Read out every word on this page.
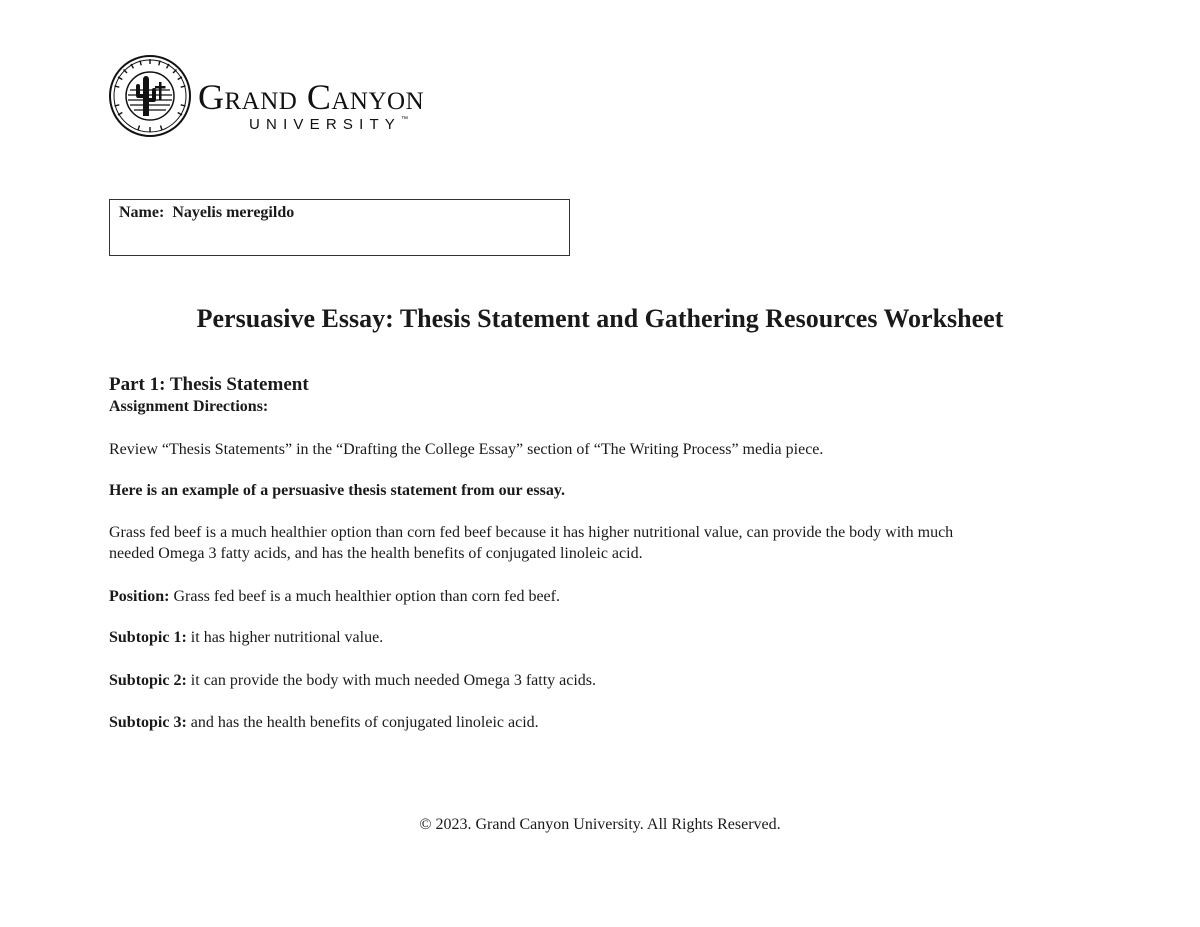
Grand Canyon
UNIVERSITY™
Name: Nayelis meregildo
Persuasive Essay: Thesis Statement and Gathering Resources Worksheet
Part 1: Thesis Statement
Assignment Directions:
Review “Thesis Statements” in the “Drafting the College Essay” section of “The Writing Process” media piece.
Here is an example of a persuasive thesis statement from our essay.
Grass fed beef is a much healthier option than corn fed beef because it has higher nutritional value, can provide the body with much
needed Omega 3 fatty acids, and has the health benefits of conjugated linoleic acid.
Position: Grass fed beef is a much healthier option than corn fed beef.
Subtopic 1: it has higher nutritional value.
Subtopic 2: it can provide the body with much needed Omega 3 fatty acids.
Subtopic 3: and has the health benefits of conjugated linoleic acid.
© 2023. Grand Canyon University. All Rights Reserved.
